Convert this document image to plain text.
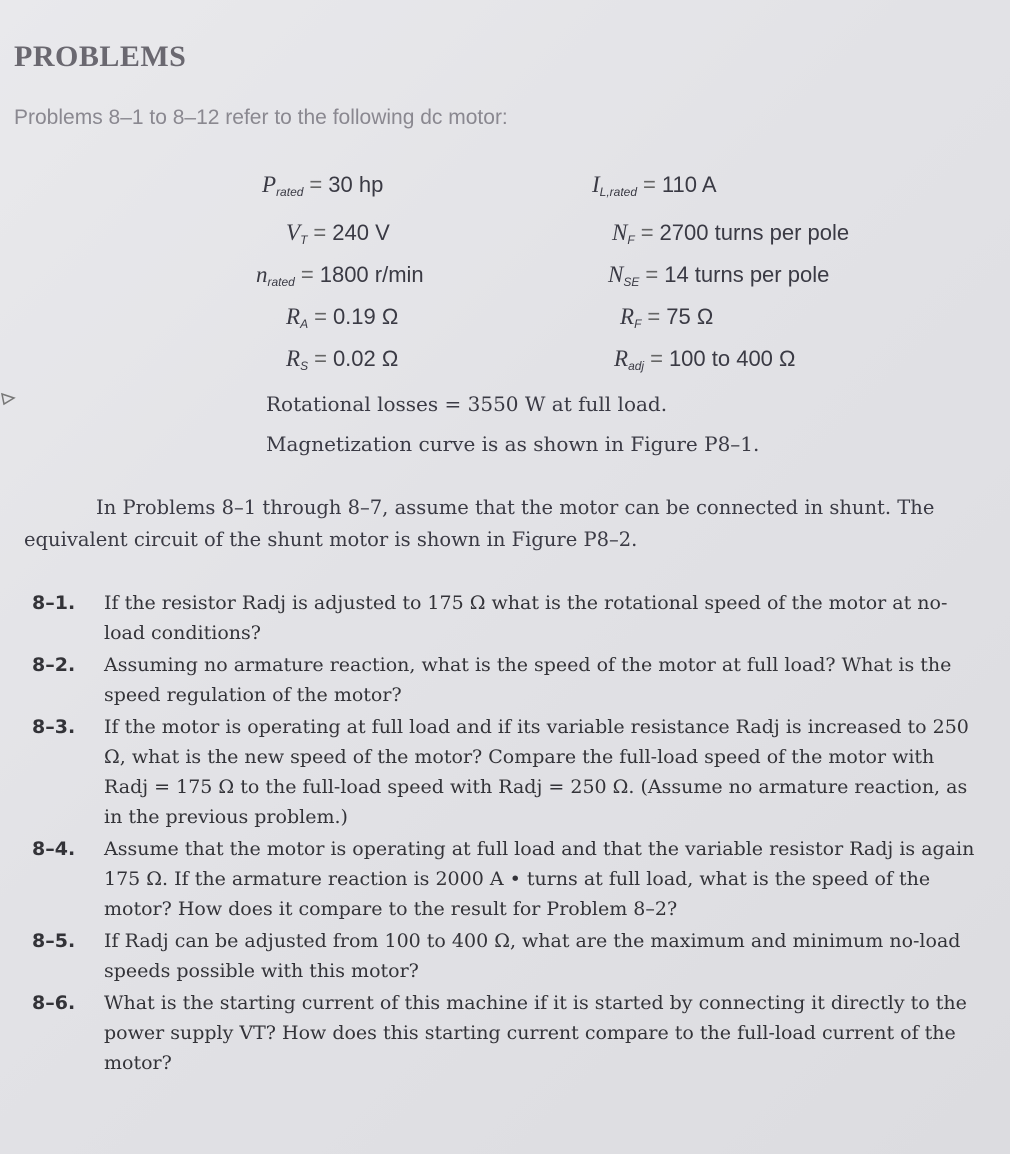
PROBLEMS
Problems 8–1 to 8–12 refer to the following dc motor:
$P_{rated} = 30$ hp	$I_{L,rated} = 110$ A
$V_T = 240$ V	$N_F = 2700$ turns per pole
$n_{rated} = 1800$ r/min	$N_{SE} = 14$ turns per pole
$R_A = 0.19$ Ω	$R_F = 75$ Ω
$R_S = 0.02$ Ω	$R_{adj} = 100$ to 400 Ω
Rotational losses = 3550 W at full load.
Magnetization curve is as shown in Figure P8–1.
In Problems 8–1 through 8–7, assume that the motor can be connected in shunt. The equivalent circuit of the shunt motor is shown in Figure P8–2.
8–1. If the resistor Radj is adjusted to 175 Ω what is the rotational speed of the motor at no-load conditions?
8–2. Assuming no armature reaction, what is the speed of the motor at full load? What is the speed regulation of the motor?
8–3. If the motor is operating at full load and if its variable resistance Radj is increased to 250 Ω, what is the new speed of the motor? Compare the full-load speed of the motor with Radj = 175 Ω to the full-load speed with Radj = 250 Ω. (Assume no armature reaction, as in the previous problem.)
8–4. Assume that the motor is operating at full load and that the variable resistor Radj is again 175 Ω. If the armature reaction is 2000 A • turns at full load, what is the speed of the motor? How does it compare to the result for Problem 8–2?
8–5. If Radj can be adjusted from 100 to 400 Ω, what are the maximum and minimum no-load speeds possible with this motor?
8–6. What is the starting current of this machine if it is started by connecting it directly to the power supply VT? How does this starting current compare to the full-load current of the motor?
